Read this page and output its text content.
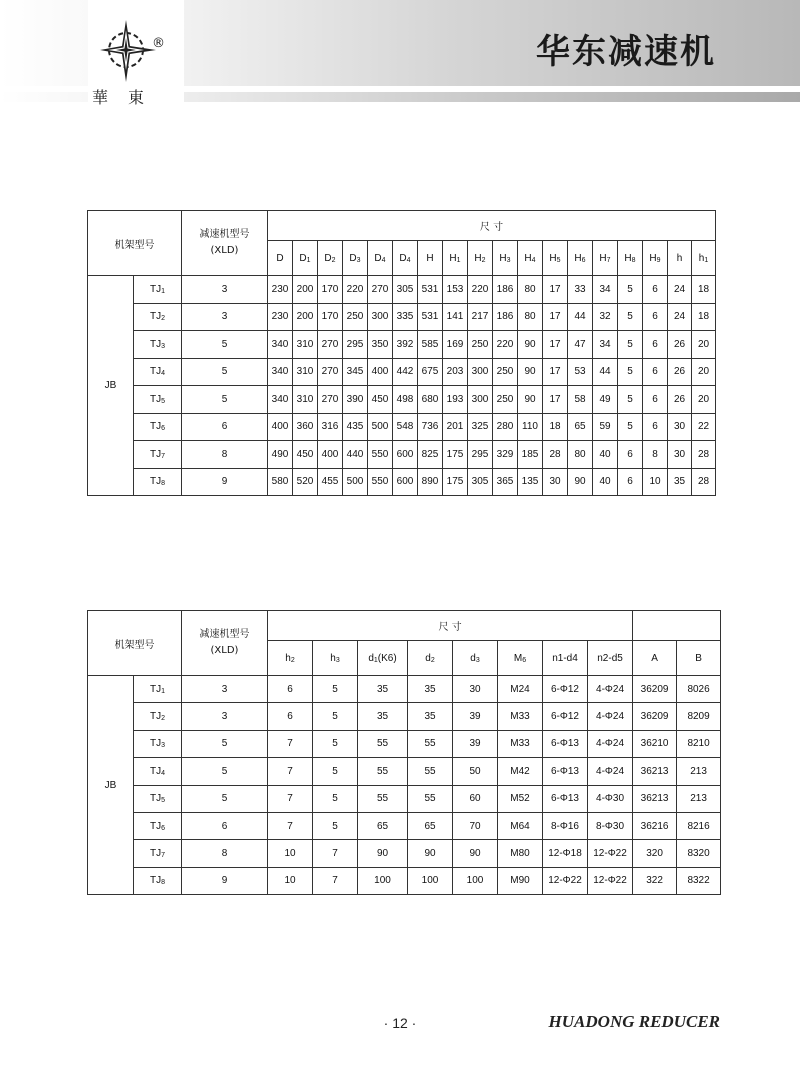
®
華東
华东减速机
机架型号		减速机型号
(XLD)	尺 寸																	
			D	D1	D2	D3	D4	D4	H	H1	H2	H3	H4	H5	H6	H7	H8	H9	h	h1
JB	TJ1	3	230	200	170	220	270	305	531	153	220	186	80	17	33	34	5	6	24	18
	TJ2	3	230	200	170	250	300	335	531	141	217	186	80	17	44	32	5	6	24	18
	TJ3	5	340	310	270	295	350	392	585	169	250	220	90	17	47	34	5	6	26	20
	TJ4	5	340	310	270	345	400	442	675	203	300	250	90	17	53	44	5	6	26	20
	TJ5	5	340	310	270	390	450	498	680	193	300	250	90	17	58	49	5	6	26	20
	TJ6	6	400	360	316	435	500	548	736	201	325	280	110	18	65	59	5	6	30	22
	TJ7	8	490	450	400	440	550	600	825	175	295	329	185	28	80	40	6	8	30	28
	TJ8	9	580	520	455	500	550	600	890	175	305	365	135	30	90	40	6	10	35	28
机架型号		减速机型号
(XLD)	尺 寸									
			h2	h3	d1(K6)	d2	d3	M6	n1-d4	n2-d5	A	B
JB	TJ1	3	6	5	35	35	30	M24	6-Φ12	4-Φ24	36209	8026
	TJ2	3	6	5	35	35	39	M33	6-Φ12	4-Φ24	36209	8209
	TJ3	5	7	5	55	55	39	M33	6-Φ13	4-Φ24	36210	8210
	TJ4	5	7	5	55	55	50	M42	6-Φ13	4-Φ24	36213	213
	TJ5	5	7	5	55	55	60	M52	6-Φ13	4-Φ30	36213	213
	TJ6	6	7	5	65	65	70	M64	8-Φ16	8-Φ30	36216	8216
	TJ7	8	10	7	90	90	90	M80	12-Φ18	12-Φ22	320	8320
	TJ8	9	10	7	100	100	100	M90	12-Φ22	12-Φ22	322	8322
· 12 ·	HUADONG REDUCER
